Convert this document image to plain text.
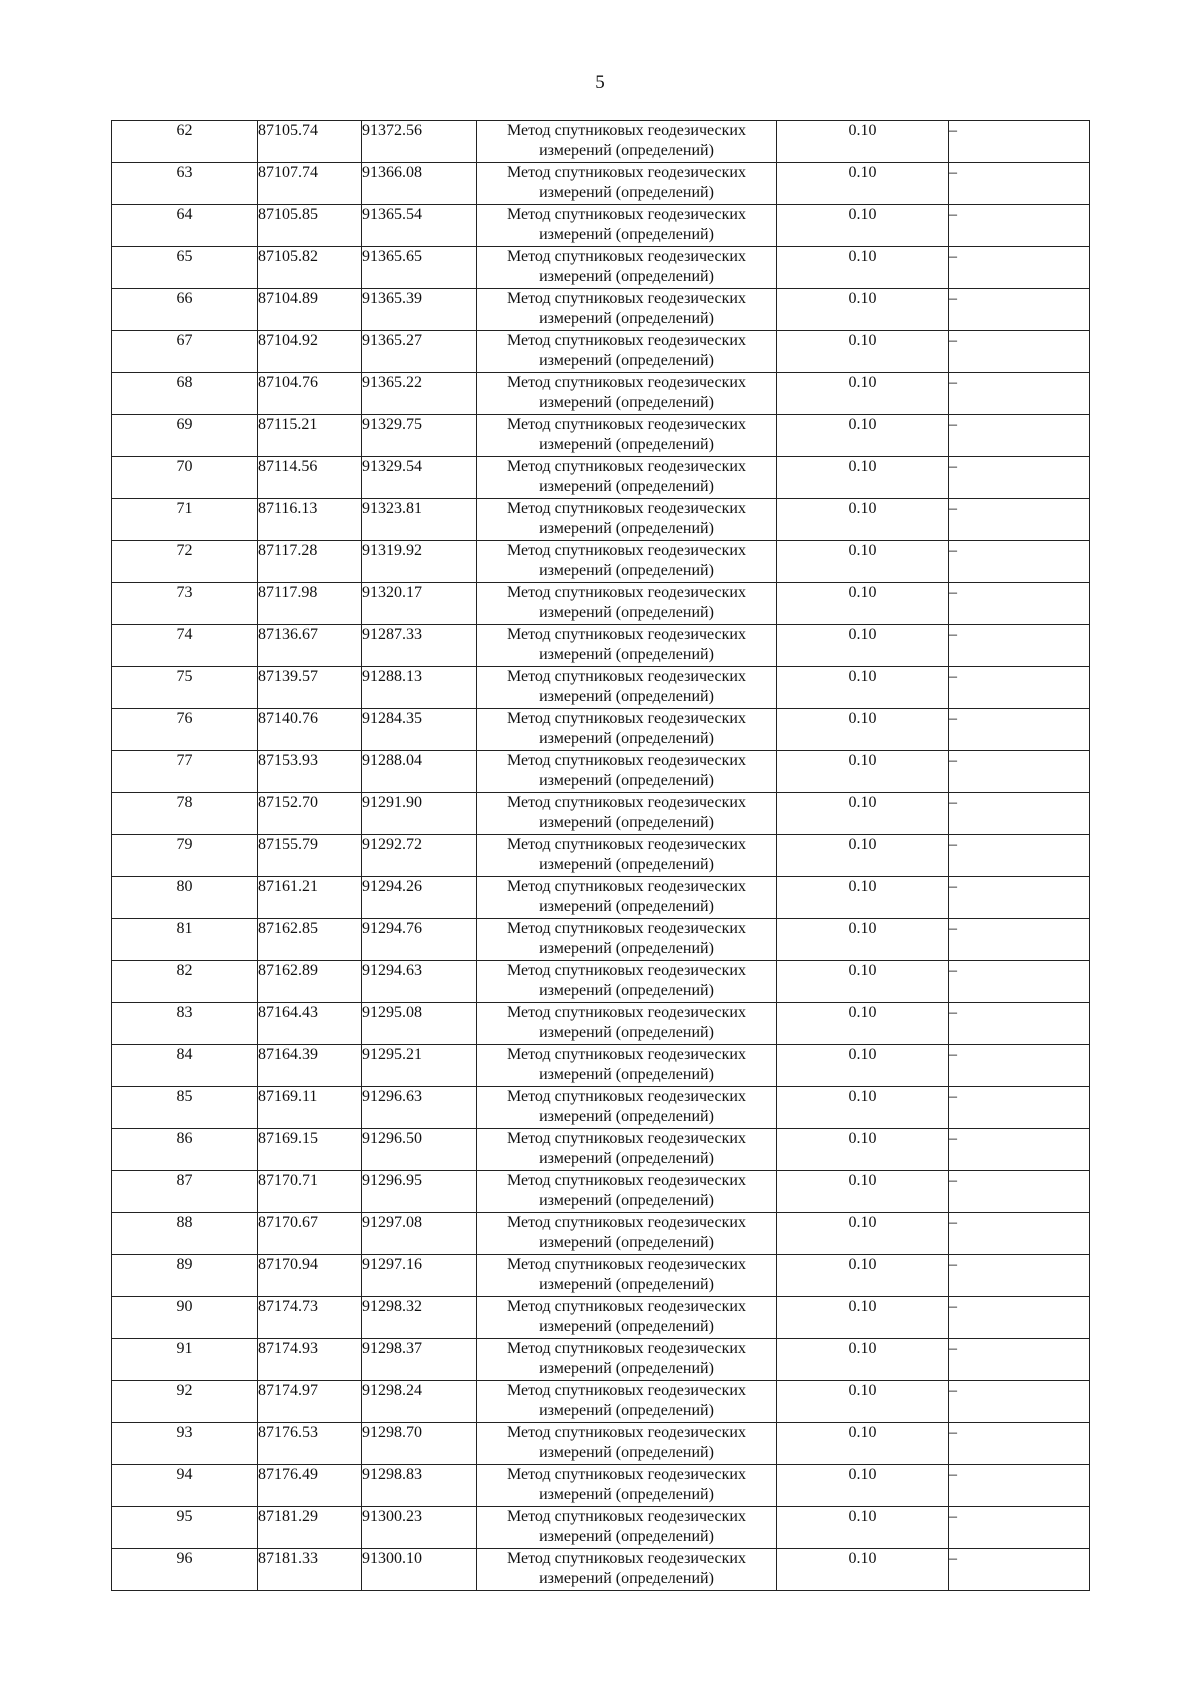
5
62	87105.74	91372.56	Метод спутниковых геодезических измерений (определений)	0.10	–
63	87107.74	91366.08	Метод спутниковых геодезических измерений (определений)	0.10	–
64	87105.85	91365.54	Метод спутниковых геодезических измерений (определений)	0.10	–
65	87105.82	91365.65	Метод спутниковых геодезических измерений (определений)	0.10	–
66	87104.89	91365.39	Метод спутниковых геодезических измерений (определений)	0.10	–
67	87104.92	91365.27	Метод спутниковых геодезических измерений (определений)	0.10	–
68	87104.76	91365.22	Метод спутниковых геодезических измерений (определений)	0.10	–
69	87115.21	91329.75	Метод спутниковых геодезических измерений (определений)	0.10	–
70	87114.56	91329.54	Метод спутниковых геодезических измерений (определений)	0.10	–
71	87116.13	91323.81	Метод спутниковых геодезических измерений (определений)	0.10	–
72	87117.28	91319.92	Метод спутниковых геодезических измерений (определений)	0.10	–
73	87117.98	91320.17	Метод спутниковых геодезических измерений (определений)	0.10	–
74	87136.67	91287.33	Метод спутниковых геодезических измерений (определений)	0.10	–
75	87139.57	91288.13	Метод спутниковых геодезических измерений (определений)	0.10	–
76	87140.76	91284.35	Метод спутниковых геодезических измерений (определений)	0.10	–
77	87153.93	91288.04	Метод спутниковых геодезических измерений (определений)	0.10	–
78	87152.70	91291.90	Метод спутниковых геодезических измерений (определений)	0.10	–
79	87155.79	91292.72	Метод спутниковых геодезических измерений (определений)	0.10	–
80	87161.21	91294.26	Метод спутниковых геодезических измерений (определений)	0.10	–
81	87162.85	91294.76	Метод спутниковых геодезических измерений (определений)	0.10	–
82	87162.89	91294.63	Метод спутниковых геодезических измерений (определений)	0.10	–
83	87164.43	91295.08	Метод спутниковых геодезических измерений (определений)	0.10	–
84	87164.39	91295.21	Метод спутниковых геодезических измерений (определений)	0.10	–
85	87169.11	91296.63	Метод спутниковых геодезических измерений (определений)	0.10	–
86	87169.15	91296.50	Метод спутниковых геодезических измерений (определений)	0.10	–
87	87170.71	91296.95	Метод спутниковых геодезических измерений (определений)	0.10	–
88	87170.67	91297.08	Метод спутниковых геодезических измерений (определений)	0.10	–
89	87170.94	91297.16	Метод спутниковых геодезических измерений (определений)	0.10	–
90	87174.73	91298.32	Метод спутниковых геодезических измерений (определений)	0.10	–
91	87174.93	91298.37	Метод спутниковых геодезических измерений (определений)	0.10	–
92	87174.97	91298.24	Метод спутниковых геодезических измерений (определений)	0.10	–
93	87176.53	91298.70	Метод спутниковых геодезических измерений (определений)	0.10	–
94	87176.49	91298.83	Метод спутниковых геодезических измерений (определений)	0.10	–
95	87181.29	91300.23	Метод спутниковых геодезических измерений (определений)	0.10	–
96	87181.33	91300.10	Метод спутниковых геодезических измерений (определений)	0.10	–
